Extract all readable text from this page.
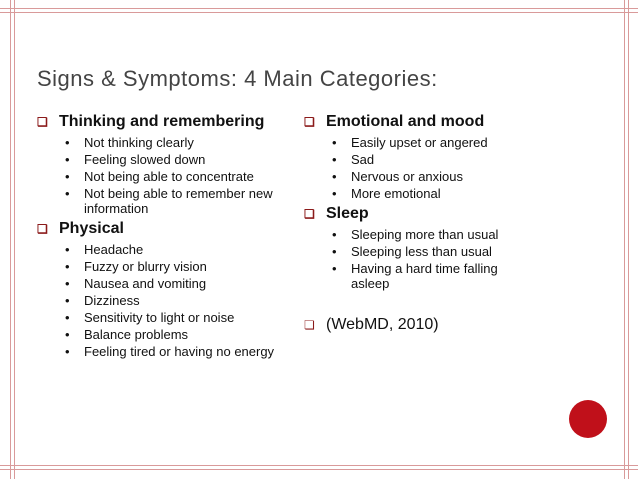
Signs & Symptoms: 4 Main Categories:
❏ Thinking and remembering
• Not thinking clearly
• Feeling slowed down
• Not being able to concentrate
• Not being able to remember new information
❏ Physical
• Headache
• Fuzzy or blurry vision
• Nausea and vomiting
• Dizziness
• Sensitivity to light or noise
• Balance problems
• Feeling tired or having no energy
❏ Emotional and mood
• Easily upset or angered
• Sad
• Nervous or anxious
• More emotional
❏ Sleep
• Sleeping more than usual
• Sleeping less than usual
• Having a hard time falling asleep
❏ (WebMD, 2010)
